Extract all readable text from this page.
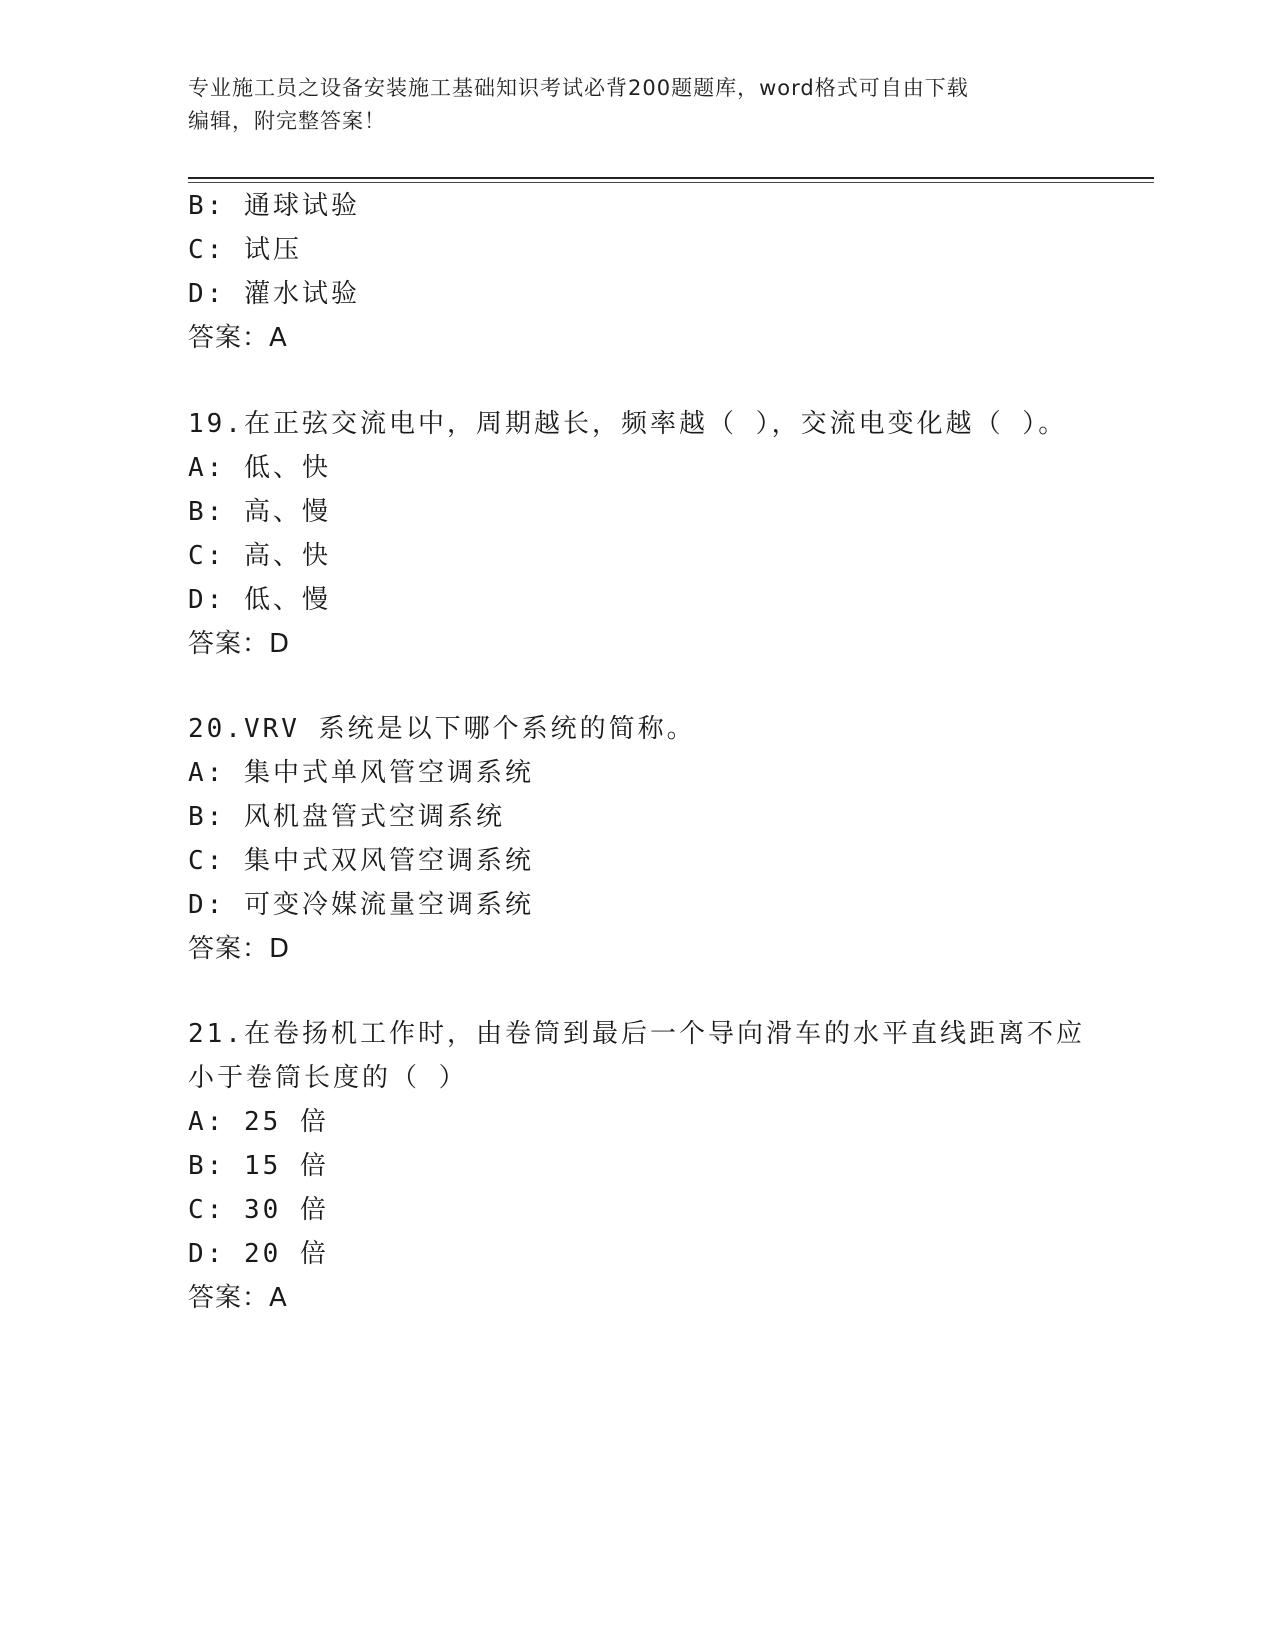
专业施工员之设备安装施工基础知识考试必背200题题库，word格式可自由下载
编辑，附完整答案！
B: 通球试验
C: 试压
D: 灌水试验
答案：A
19.在正弦交流电中，周期越长，频率越（ ），交流电变化越（ ）。
A: 低、快
B: 高、慢
C: 高、快
D: 低、慢
答案：D
20.VRV 系统是以下哪个系统的简称。
A: 集中式单风管空调系统
B: 风机盘管式空调系统
C: 集中式双风管空调系统
D: 可变冷媒流量空调系统
答案：D
21.在卷扬机工作时，由卷筒到最后一个导向滑车的水平直线距离不应
小于卷筒长度的（ ）
A: 25 倍
B: 15 倍
C: 30 倍
D: 20 倍
答案：A
